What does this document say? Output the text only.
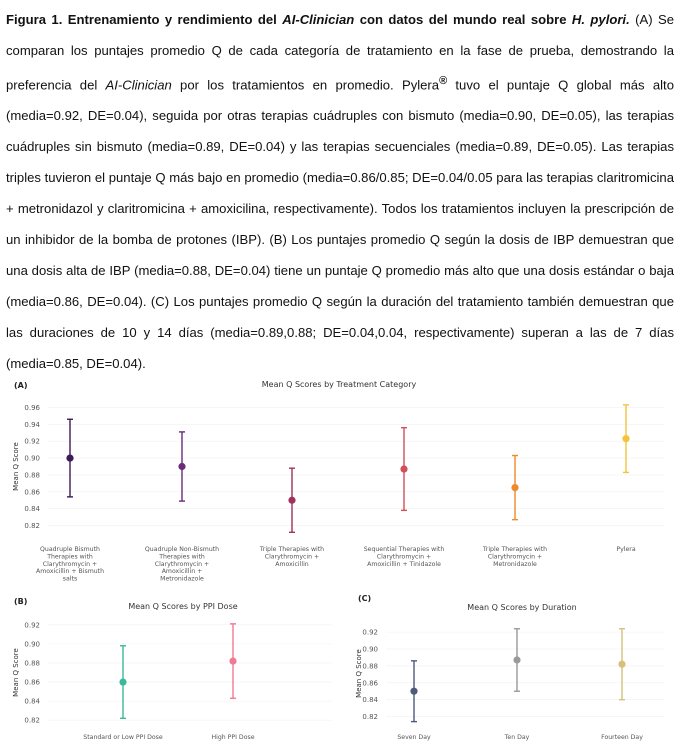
Figura 1. Entrenamiento y rendimiento del AI-Clinician con datos del mundo real sobre H. pylori. (A) Se comparan los puntajes promedio Q de cada categoría de tratamiento en la fase de prueba, demostrando la preferencia del AI-Clinician por los tratamientos en promedio. Pylera® tuvo el puntaje Q global más alto (media=0.92, DE=0.04), seguida por otras terapias cuádruples con bismuto (media=0.90, DE=0.05), las terapias cuádruples sin bismuto (media=0.89, DE=0.04) y las terapias secuenciales (media=0.89, DE=0.05). Las terapias triples tuvieron el puntaje Q más bajo en promedio (media=0.86/0.85; DE=0.04/0.05 para las terapias claritromicina + metronidazol y claritromicina + amoxicilina, respectivamente). Todos los tratamientos incluyen la prescripción de un inhibidor de la bomba de protones (IBP). (B) Los puntajes promedio Q según la dosis de IBP demuestran que una dosis alta de IBP (media=0.88, DE=0.04) tiene un puntaje Q promedio más alto que una dosis estándar o baja (media=0.86, DE=0.04). (C) Los puntajes promedio Q según la duración del tratamiento también demuestran que las duraciones de 10 y 14 días (media=0.89,0.88; DE=0.04,0.04, respectivamente) superan a las de 7 días (media=0.85, DE=0.04).
(A)	Mean Q Scores by Treatment Category
Mean Q Score
0.82
0.84
0.86
0.88
0.90
0.92
0.94
0.96
Quadruple Bismuth
Therapies with
Clarythromycin +
Amoxicillin + Bismuth
salts
Quadruple Non-Bismuth
Therapies with
Clarythromycin +
Amoxicillin +
Metronidazole
Triple Therapies with
Clarythromycin +
Amoxicillin
Sequential Therapies with
Clarythromycin +
Amoxicillin + Tinidazole
Triple Therapies with
Clarythromycin +
Metronidazole
Pylera
(B)
Mean Q Scores by PPI Dose
Mean Q Score
0.82
0.84
0.86
0.88
0.90
0.92
Standard or Low PPI Dose	High PPI Dose
(C)
Mean Q Scores by Duration
Mean Q Score
0.82
0.84
0.86
0.88
0.90
0.92
Seven Day	Ten Day	Fourteen Day
